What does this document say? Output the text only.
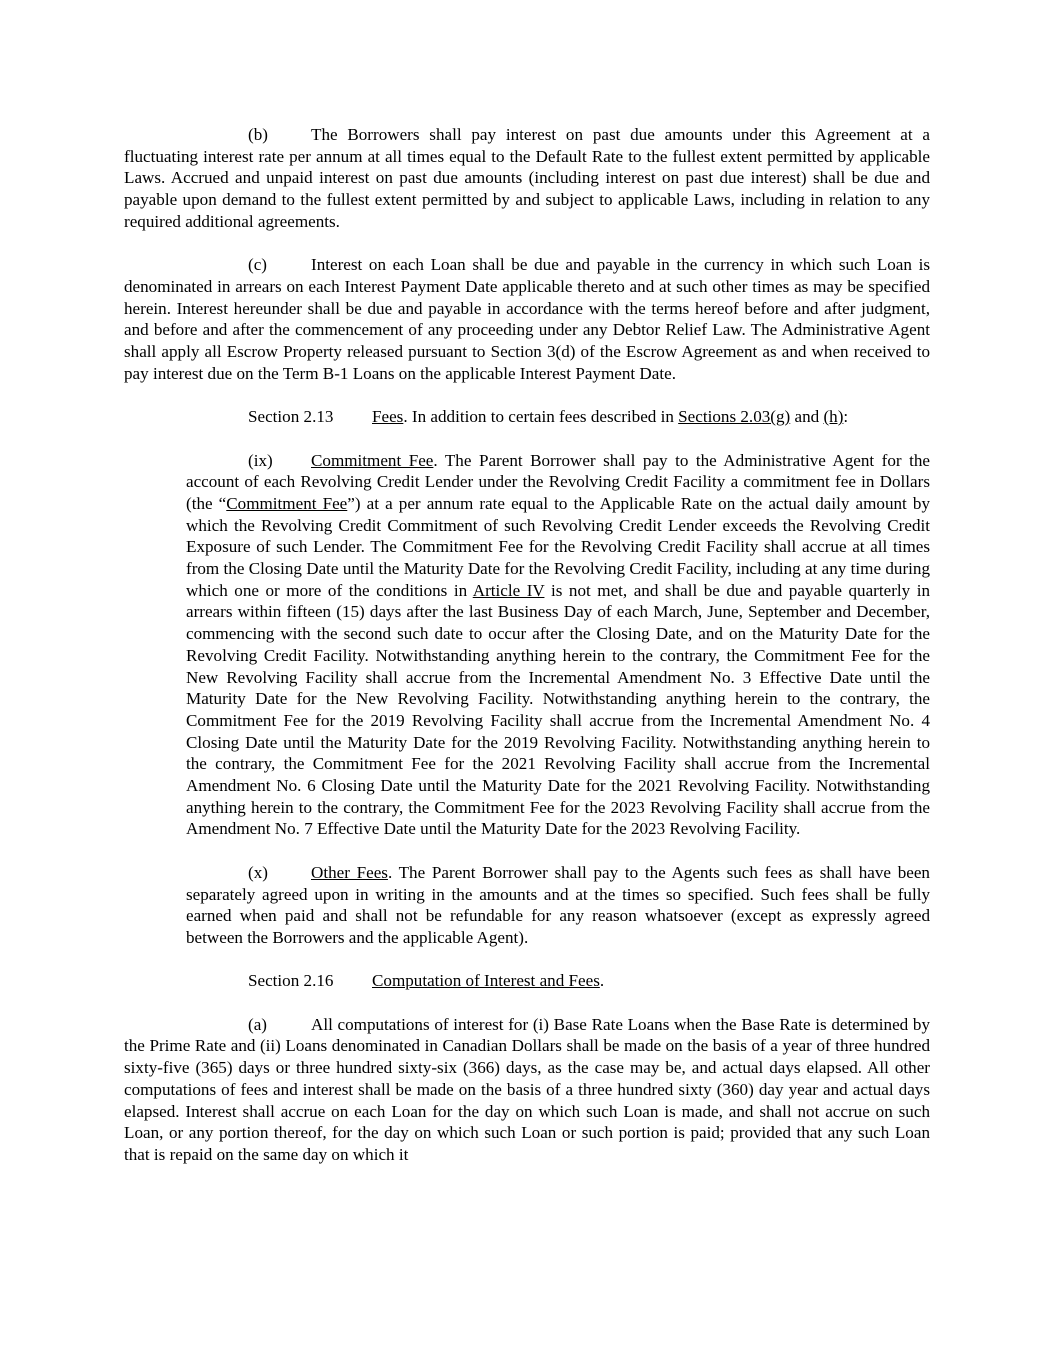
(b)	The Borrowers shall pay interest on past due amounts under this Agreement at a fluctuating interest rate per annum at all times equal to the Default Rate to the fullest extent permitted by applicable Laws. Accrued and unpaid interest on past due amounts (including interest on past due interest) shall be due and payable upon demand to the fullest extent permitted by and subject to applicable Laws, including in relation to any required additional agreements.

(c)	Interest on each Loan shall be due and payable in the currency in which such Loan is denominated in arrears on each Interest Payment Date applicable thereto and at such other times as may be specified herein. Interest hereunder shall be due and payable in accordance with the terms hereof before and after judgment, and before and after the commencement of any proceeding under any Debtor Relief Law. The Administrative Agent shall apply all Escrow Property released pursuant to Section 3(d) of the Escrow Agreement as and when received to pay interest due on the Term B-1 Loans on the applicable Interest Payment Date.

Section 2.13 Fees. In addition to certain fees described in Sections 2.03(g) and (h):

(ix) Commitment Fee. The Parent Borrower shall pay to the Administrative Agent for the account of each Revolving Credit Lender under the Revolving Credit Facility a commitment fee in Dollars (the “Commitment Fee”) at a per annum rate equal to the Applicable Rate on the actual daily amount by which the Revolving Credit Commitment of such Revolving Credit Lender exceeds the Revolving Credit Exposure of such Lender. The Commitment Fee for the Revolving Credit Facility shall accrue at all times from the Closing Date until the Maturity Date for the Revolving Credit Facility, including at any time during which one or more of the conditions in Article IV is not met, and shall be due and payable quarterly in arrears within fifteen (15) days after the last Business Day of each March, June, September and December, commencing with the second such date to occur after the Closing Date, and on the Maturity Date for the Revolving Credit Facility. Notwithstanding anything herein to the contrary, the Commitment Fee for the New Revolving Facility shall accrue from the Incremental Amendment No. 3 Effective Date until the Maturity Date for the New Revolving Facility. Notwithstanding anything herein to the contrary, the Commitment Fee for the 2019 Revolving Facility shall accrue from the Incremental Amendment No. 4 Closing Date until the Maturity Date for the 2019 Revolving Facility. Notwithstanding anything herein to the contrary, the Commitment Fee for the 2021 Revolving Facility shall accrue from the Incremental Amendment No. 6 Closing Date until the Maturity Date for the 2021 Revolving Facility. Notwithstanding anything herein to the contrary, the Commitment Fee for the 2023 Revolving Facility shall accrue from the Amendment No. 7 Effective Date until the Maturity Date for the 2023 Revolving Facility.

(x)	Other Fees. The Parent Borrower shall pay to the Agents such fees as shall have been separately agreed upon in writing in the amounts and at the times so specified. Such fees shall be fully earned when paid and shall not be refundable for any reason whatsoever (except as expressly agreed between the Borrowers and the applicable Agent).

Section 2.16 Computation of Interest and Fees.

(a)	All computations of interest for (i) Base Rate Loans when the Base Rate is determined by the Prime Rate and (ii) Loans denominated in Canadian Dollars shall be made on the basis of a year of three hundred sixty-five (365) days or three hundred sixty-six (366) days, as the case may be, and actual days elapsed. All other computations of fees and interest shall be made on the basis of a three hundred sixty (360) day year and actual days elapsed. Interest shall accrue on each Loan for the day on which such Loan is made, and shall not accrue on such Loan, or any portion thereof, for the day on which such Loan or such portion is paid; provided that any such Loan that is repaid on the same day on which it
